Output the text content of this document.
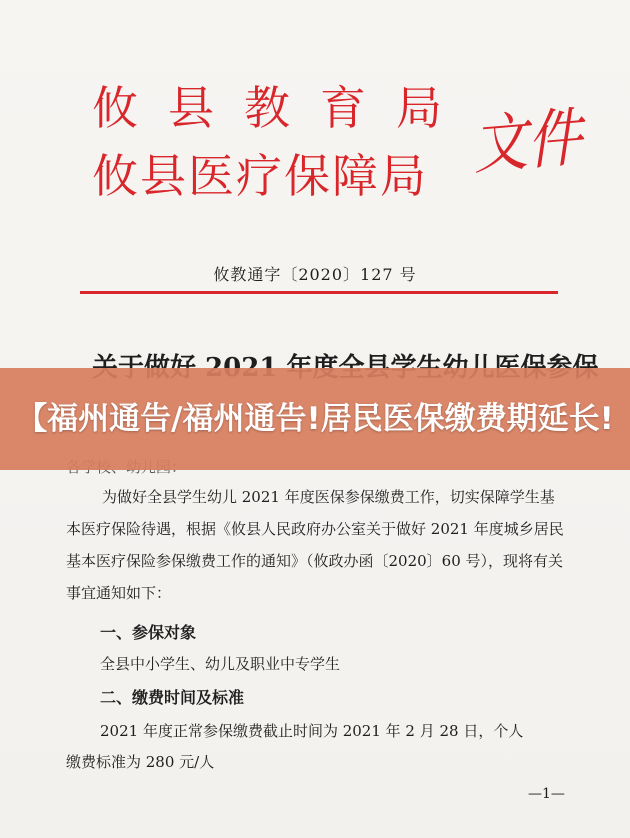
攸县教育局
攸县医疗保障局 文件
攸教通字〔2020〕127 号
为做好全县学生幼儿 2021 年度医保参保缴费工作，切实保障学生基本医疗保险待遇，根据《攸县人民政府办公室关于做好 2021 年度城乡居民基本医疗保险参保缴费工作的通知》（攸政办函〔2020〕60 号），现将有关事宜通知如下：
一、参保对象
全县中小学生、幼儿及职业中专学生
二、缴费时间及标准
2021 年度正常参保缴费截止时间为 2021 年 2 月 28 日，个人
缴费标准为 280 元/人
—1—
【福州通告/福州通告!居民医保缴费期延长!
